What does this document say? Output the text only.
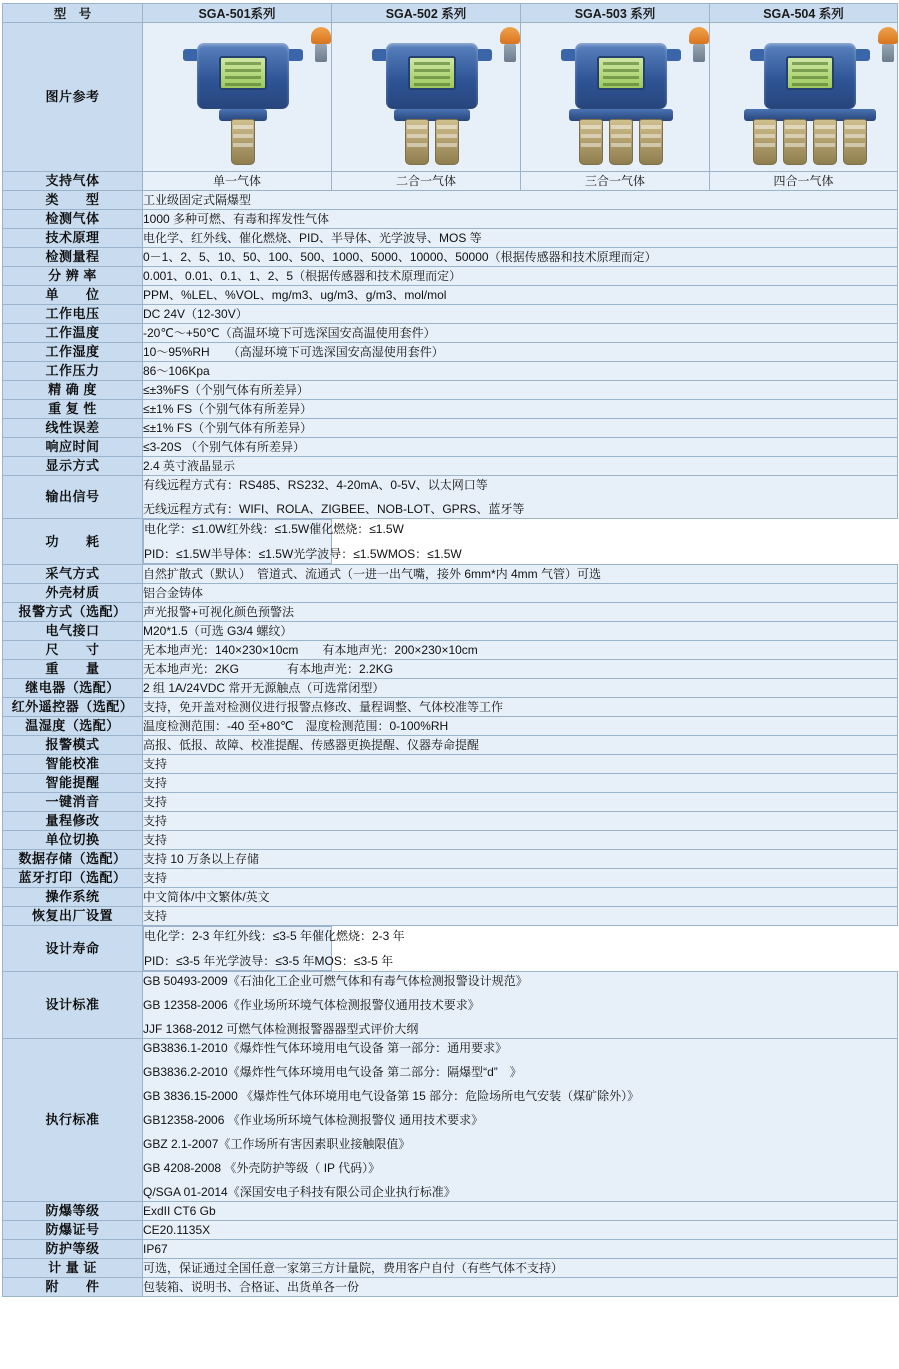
型　号	SGA-501系列	SGA-502 系列	SGA-503 系列	SGA-504 系列
图片参考	

支持气体	单一气体	二合一气体	三合一气体	四合一气体
类　　型	工业级固定式隔爆型			
检测气体	1000 多种可燃、有毒和挥发性气体			
技术原理	电化学、红外线、催化燃烧、PID、半导体、光学波导、MOS 等			
检测量程	0－1、2、5、10、50、100、500、1000、5000、10000、50000（根据传感器和技术原理而定）			
分 辨 率	0.001、0.01、0.1、1、2、5（根据传感器和技术原理而定）			
单　　位	PPM、%LEL、%VOL、mg/m3、ug/m3、g/m3、mol/mol			
工作电压	DC 24V（12-30V）			
工作温度	-20℃～+50℃（高温环境下可选深国安高温使用套件）			
工作湿度	10～95%RH　　（高湿环境下可选深国安高湿使用套件）			
工作压力	86～106Kpa			
精 确 度	≤±3%FS（个别气体有所差异）			
重 复 性	≤±1% FS（个别气体有所差异）			
线性误差	≤±1% FS（个别气体有所差异）			
响应时间	≤3-20S （个别气体有所差异）			
显示方式	2.4 英寸液晶显示			
输出信号	有线远程方式有：RS485、RS232、4-20mA、0-5V、以太网口等
无线远程方式有：WIFI、ROLA、ZIGBEE、NOB-LOT、GPRS、蓝牙等			

功　　耗	
电化学：≤1.0W 红外线：≤1.5W 催化燃烧：≤1.5W
PID：≤1.5W 半导体：≤1.5W 光学波导：≤1.5W MOS：≤1.5W

采气方式	自然扩散式（默认）　管道式、流通式（一进一出气嘴，接外 6mm*内 4mm 气管）可选			
外壳材质	铝合金铸体			
报警方式（选配）	声光报警+可视化颜色预警法			
电气接口	M20*1.5（可选 G3/4 螺纹）			
尺　　寸	无本地声光：140×230×10cm　　有本地声光：200×230×10cm			
重　　量	无本地声光：2KG　　　　有本地声光：2.2KG			
继电器（选配）	2 组 1A/24VDC 常开无源触点（可选常闭型）			
红外遥控器（选配）	支持，免开盖对检测仪进行报警点修改、量程调整、气体校准等工作			
温湿度（选配）	温度检测范围：-40 至+80℃　湿度检测范围：0-100%RH			
报警模式	高报、低报、故障、校准提醒、传感器更换提醒、仪器寿命提醒			
智能校准	支持			
智能提醒	支持			
一键消音	支持			
量程修改	支持			
单位切换	支持			
数据存储（选配）	支持 10 万条以上存储			
蓝牙打印（选配）	支持			
操作系统	中文简体/中文繁体/英文			
恢复出厂设置	支持			
设计寿命	
电化学：2-3 年 红外线：≤3-5 年 催化燃烧：2-3 年
PID：≤3-5 年 光学波导：≤3-5 年 MOS：≤3-5 年

设计标准	GB 50493-2009《石油化工企业可燃气体和有毒气体检测报警设计规范》
GB 12358-2006《作业场所环境气体检测报警仪通用技术要求》
JJF 1368-2012 可燃气体检测报警器器型式评价大纲			

执行标准	
GB3836.1-2010《爆炸性气体环境用电气设备 第一部分：通用要求》
GB3836.2-2010《爆炸性气体环境用电气设备 第二部分：隔爆型“d”　》
GB 3836.15-2000 《爆炸性气体环境用电气设备第 15 部分：危险场所电气安装（煤矿除外）》
GB12358-2006 《作业场所环境气体检测报警仪 通用技术要求》
GBZ 2.1-2007《工作场所有害因素职业接触限值》
GB 4208-2008 《外壳防护等级（ IP 代码）》
Q/SGA 01-2014《深国安电子科技有限公司企业执行标准》

防爆等级	ExdII CT6 Gb			
防爆证号	CE20.1135X			
防护等级	IP67			
计 量 证	可选，保证通过全国任意一家第三方计量院，费用客户自付（有些气体不支持）			
附　　件	包装箱、说明书、合格证、出货单各一份			
